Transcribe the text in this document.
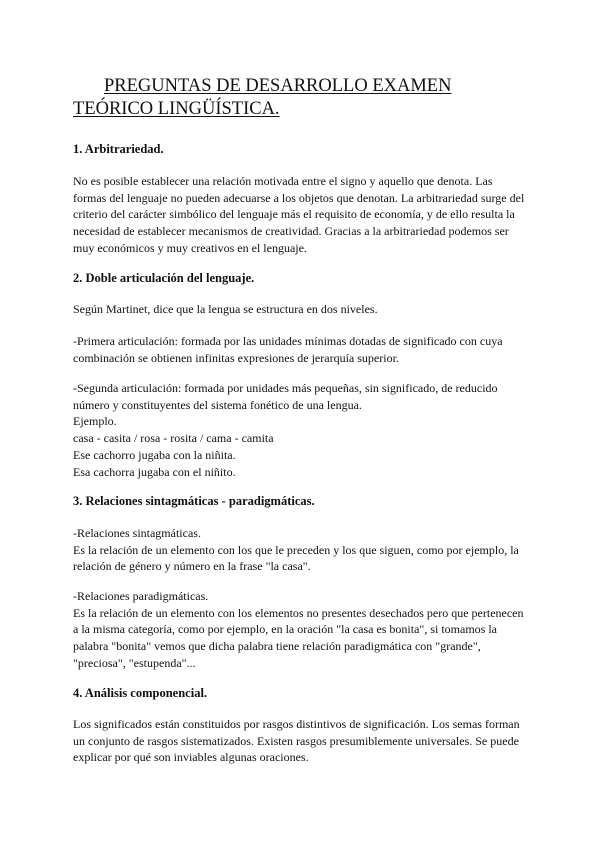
PREGUNTAS DE DESARROLLO EXAMEN
TEÓRICO LINGÜÍSTICA.
1. Arbitrariedad.
No es posible establecer una relación motivada entre el signo y aquello que denota. Las
formas del lenguaje no pueden adecuarse a los objetos que denotan. La arbitrariedad surge del
criterio del carácter simbólico del lenguaje más el requisito de economía, y de ello resulta la
necesidad de establecer mecanismos de creatividad. Gracias a la arbitrariedad podemos ser
muy económicos y muy creativos en el lenguaje.
2. Doble articulación del lenguaje.
Según Martinet, dice que la lengua se estructura en dos niveles.
-Primera articulación: formada por las unidades mínimas dotadas de significado con cuya
combinación se obtienen infinitas expresiones de jerarquía superior.
-Segunda articulación: formada por unidades más pequeñas, sin significado, de reducido
número y constituyentes del sistema fonético de una lengua.
Ejemplo.
casa - casita / rosa - rosita / cama - camita
Ese cachorro jugaba con la niñita.
Esa cachorra jugaba con el niñito.
3. Relaciones sintagmáticas - paradigmáticas.
-Relaciones sintagmáticas.
Es la relación de un elemento con los que le preceden y los que siguen, como por ejemplo, la
relación de género y número en la frase "la casa".
-Relaciones paradigmáticas.
Es la relación de un elemento con los elementos no presentes desechados pero que pertenecen
a la misma categoría, como por ejemplo, en la oración "la casa es bonita", si tomamos la
palabra "bonita" vemos que dicha palabra tiene relación paradigmática con "grande",
"preciosa", "estupenda"...
4. Análisis componencial.
Los significados están constituidos por rasgos distintivos de significación. Los semas forman
un conjunto de rasgos sistematizados. Existen rasgos presumiblemente universales. Se puede
explicar por qué son inviables algunas oraciones.
